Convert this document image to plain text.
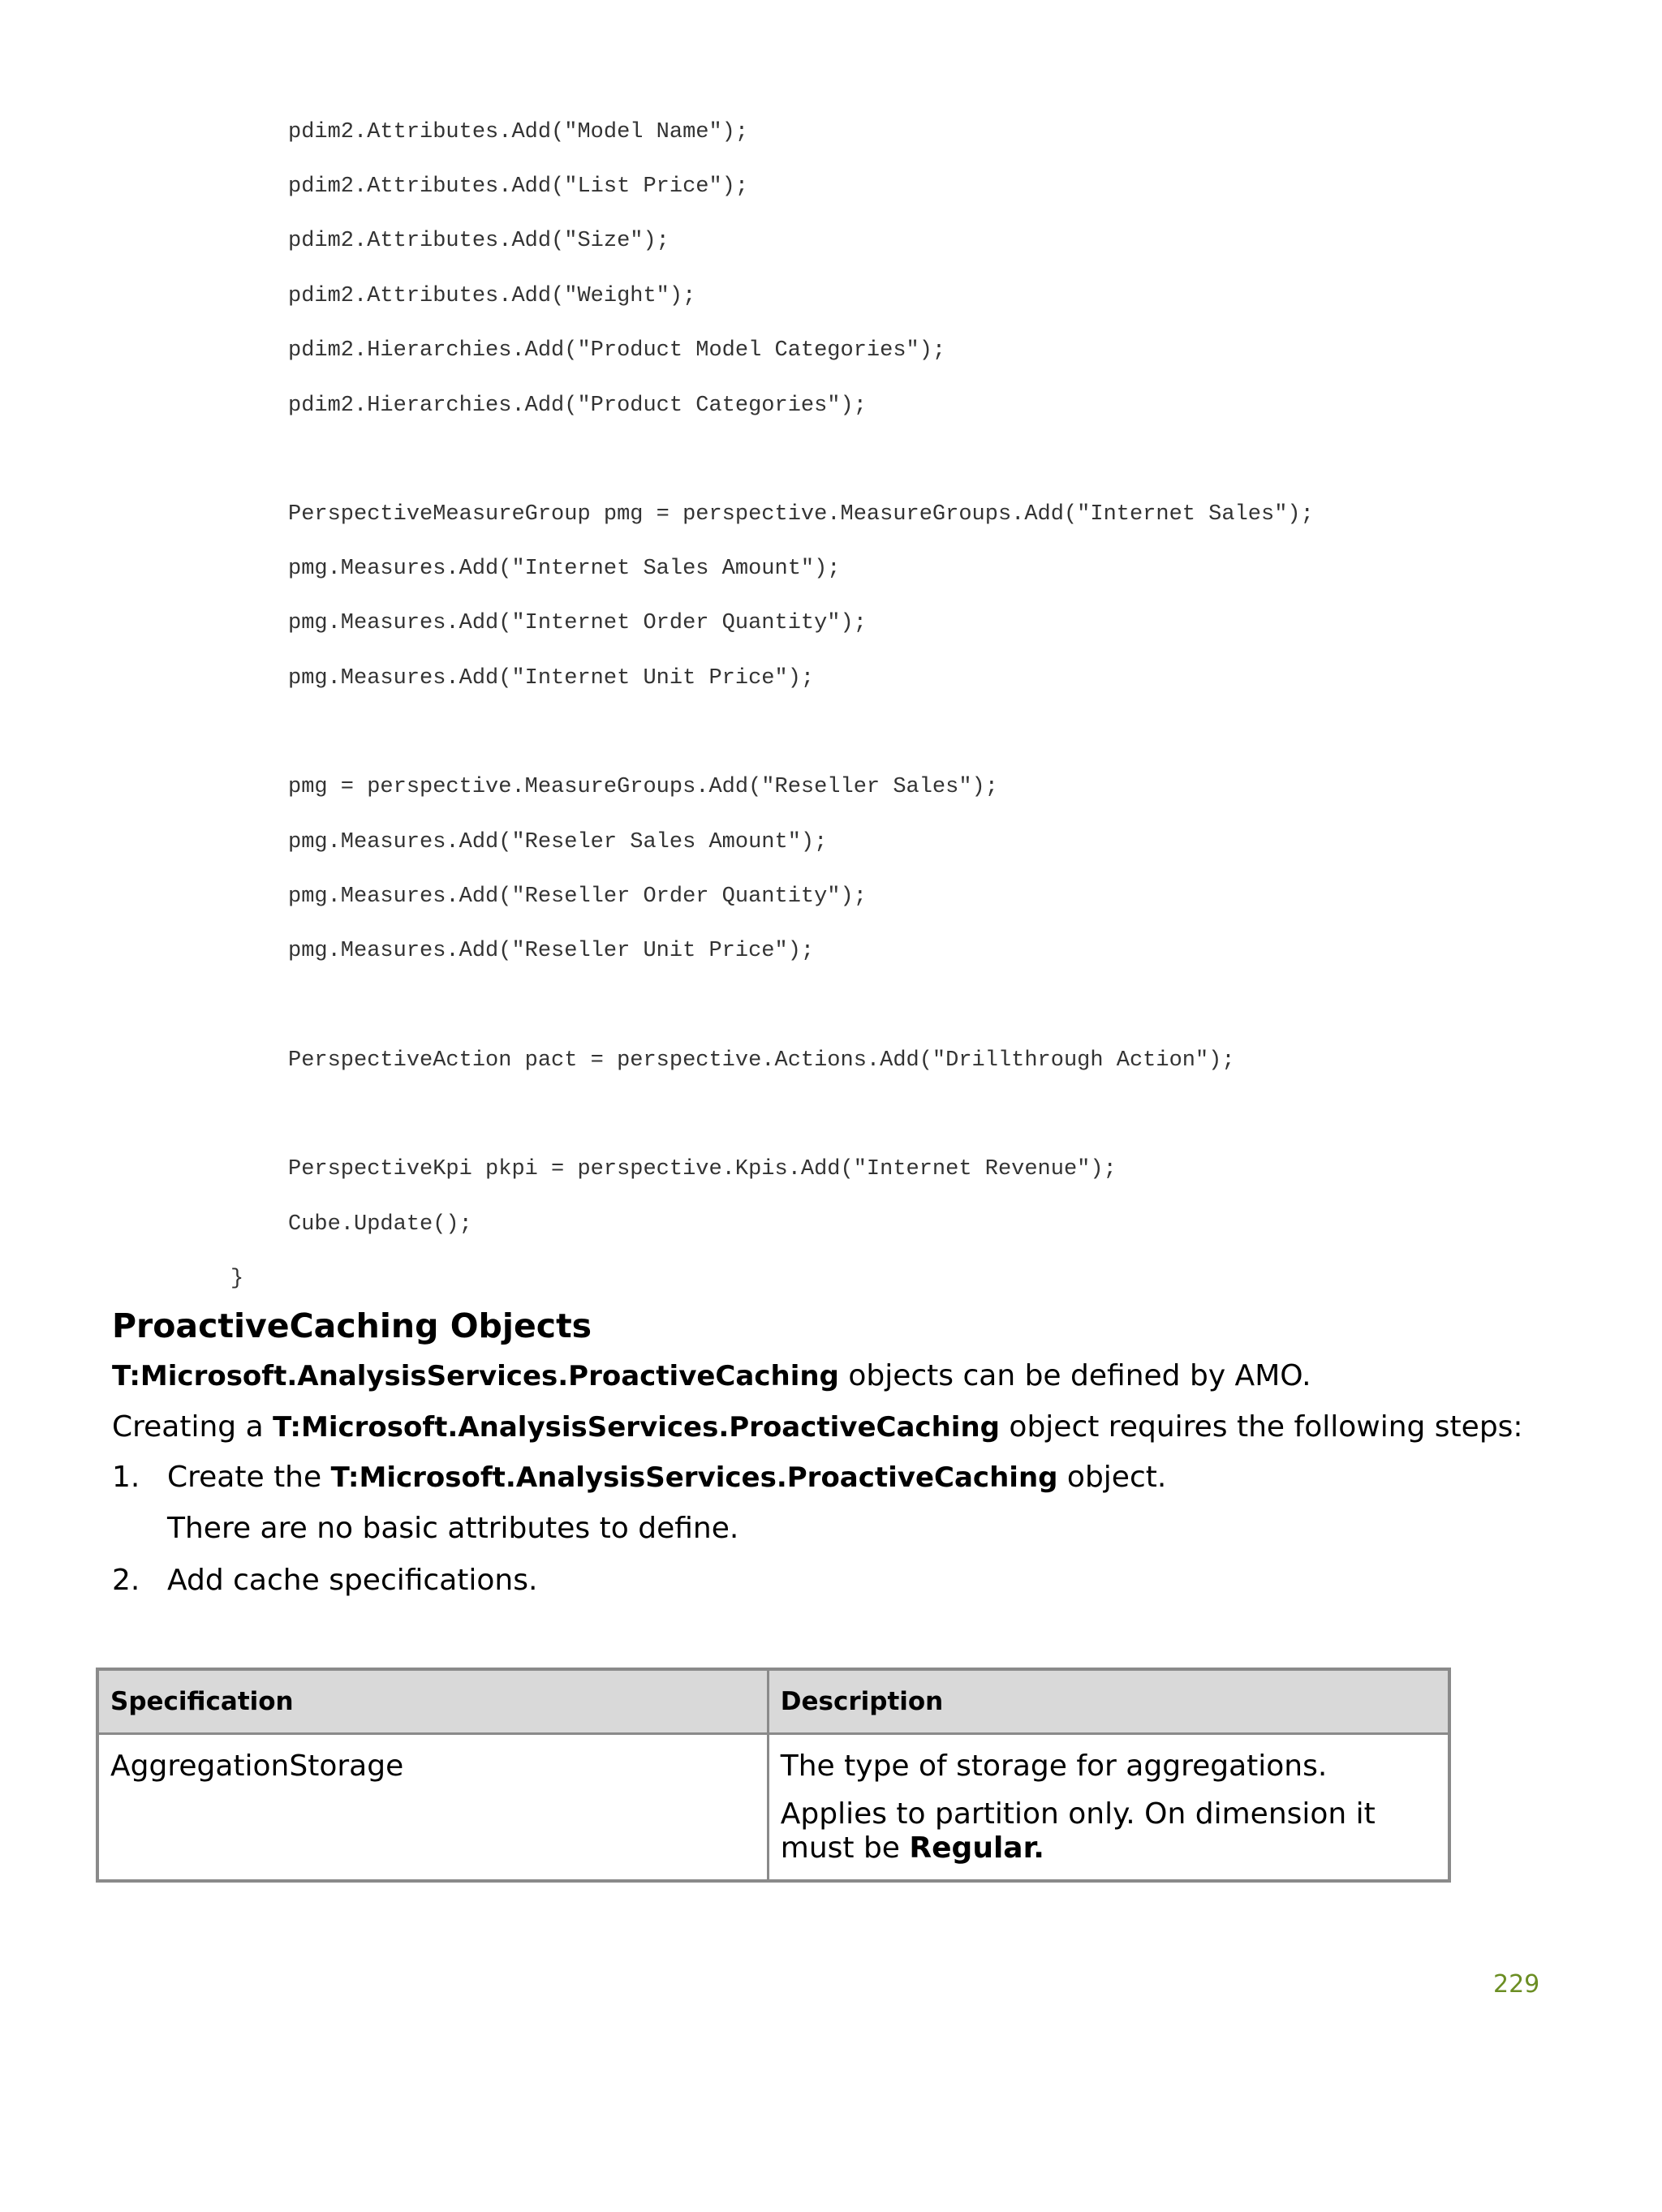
pdim2.Attributes.Add("Model Name");

pdim2.Attributes.Add("List Price");

pdim2.Attributes.Add("Size");

pdim2.Attributes.Add("Weight");

pdim2.Hierarchies.Add("Product Model Categories");

pdim2.Hierarchies.Add("Product Categories");

PerspectiveMeasureGroup pmg = perspective.MeasureGroups.Add("Internet Sales");

pmg.Measures.Add("Internet Sales Amount");

pmg.Measures.Add("Internet Order Quantity");

pmg.Measures.Add("Internet Unit Price");

pmg = perspective.MeasureGroups.Add("Reseller Sales");

pmg.Measures.Add("Reseler Sales Amount");

pmg.Measures.Add("Reseller Order Quantity");

pmg.Measures.Add("Reseller Unit Price");

PerspectiveAction pact = perspective.Actions.Add("Drillthrough Action");

PerspectiveKpi pkpi = perspective.Kpis.Add("Internet Revenue");

Cube.Update();

}

ProactiveCaching Objects
T:Microsoft.AnalysisServices.ProactiveCaching objects can be defined by AMO.
Creating a T:Microsoft.AnalysisServices.ProactiveCaching object requires the following steps:
1. Create the T:Microsoft.AnalysisServices.ProactiveCaching object.
There are no basic attributes to define.
2. Add cache specifications.
Specification	Description
AggregationStorage	The type of storage for aggregations.

Applies to partition only. On dimension it must be Regular.

229
